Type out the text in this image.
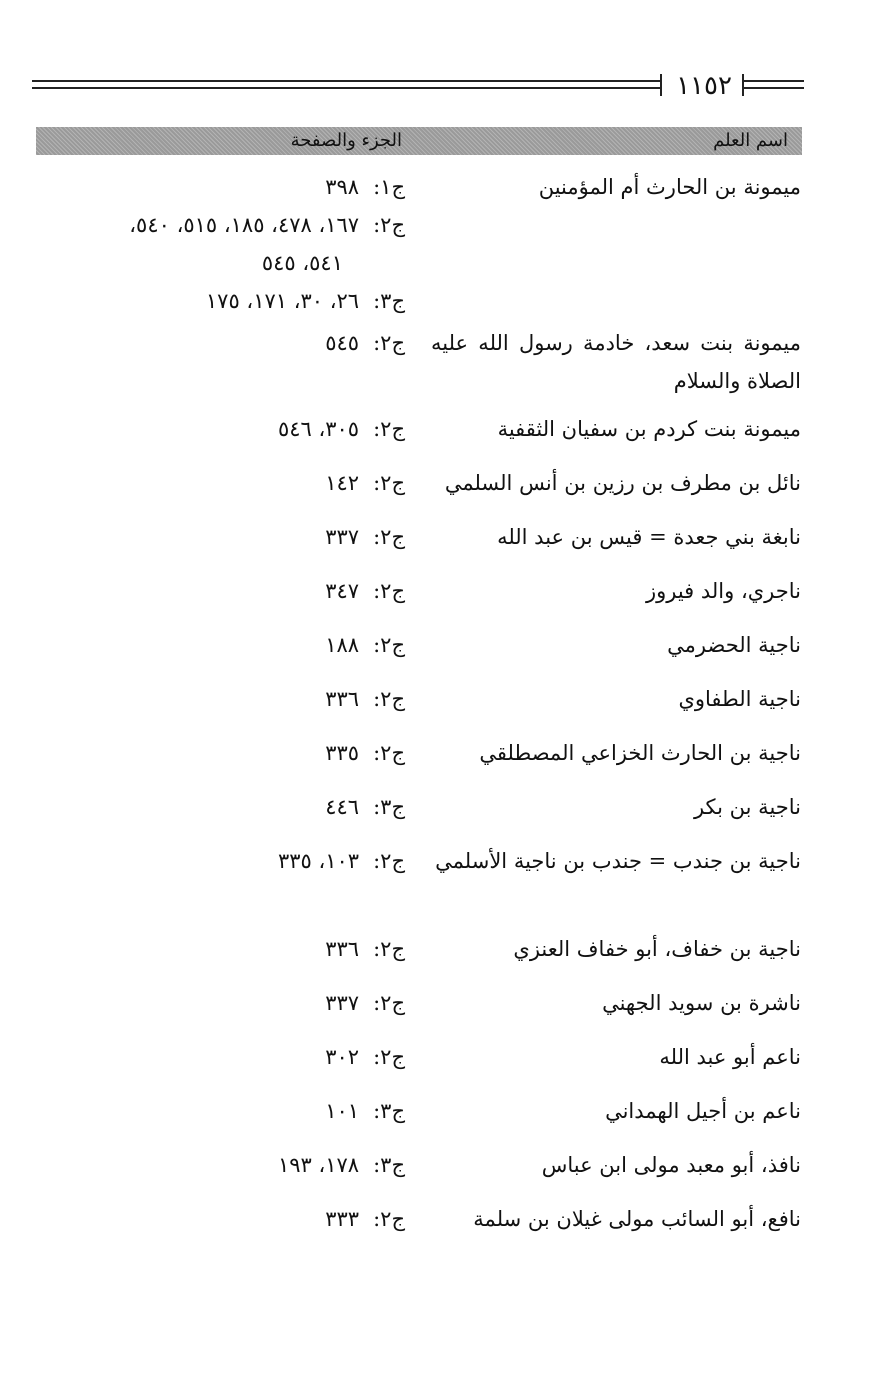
١١٥٢
اسم العلم
الجزء والصفحة
ميمونة بن الحارث أم المؤمنين
ج١:٣٩٨
ج٢:١٦٧، ٤٧٨، ١٨٥، ٥١٥، ٥٤٠،
٥٤١، ٥٤٥
ج٣:٢٦، ٣٠، ١٧١، ١٧٥
ميمونة بنت سعد، خادمة رسول الله عليه الصلاة والسلام
ج٢:٥٤٥
ميمونة بنت كردم بن سفيان الثقفية
ج٢:٣٠٥، ٥٤٦
نائل بن مطرف بن رزين بن أنس السلمي
ج٢:١٤٢
نابغة بني جعدة = قيس بن عبد الله
ج٢:٣٣٧
ناجري، والد فيروز
ج٢:٣٤٧
ناجية الحضرمي
ج٢:١٨٨
ناجية الطفاوي
ج٢:٣٣٦
ناجية بن الحارث الخزاعي المصطلقي
ج٢:٣٣٥
ناجية بن بكر
ج٣:٤٤٦
ناجية بن جندب = جندب بن ناجية الأسلمي
ج٢:١٠٣، ٣٣٥
ناجية بن خفاف، أبو خفاف العنزي
ج٢:٣٣٦
ناشرة بن سويد الجهني
ج٢:٣٣٧
ناعم أبو عبد الله
ج٢:٣٠٢
ناعم بن أجيل الهمداني
ج٣:١٠١
نافذ، أبو معبد مولى ابن عباس
ج٣:١٧٨، ١٩٣
نافع، أبو السائب مولى غيلان بن سلمة
ج٢:٣٣٣
